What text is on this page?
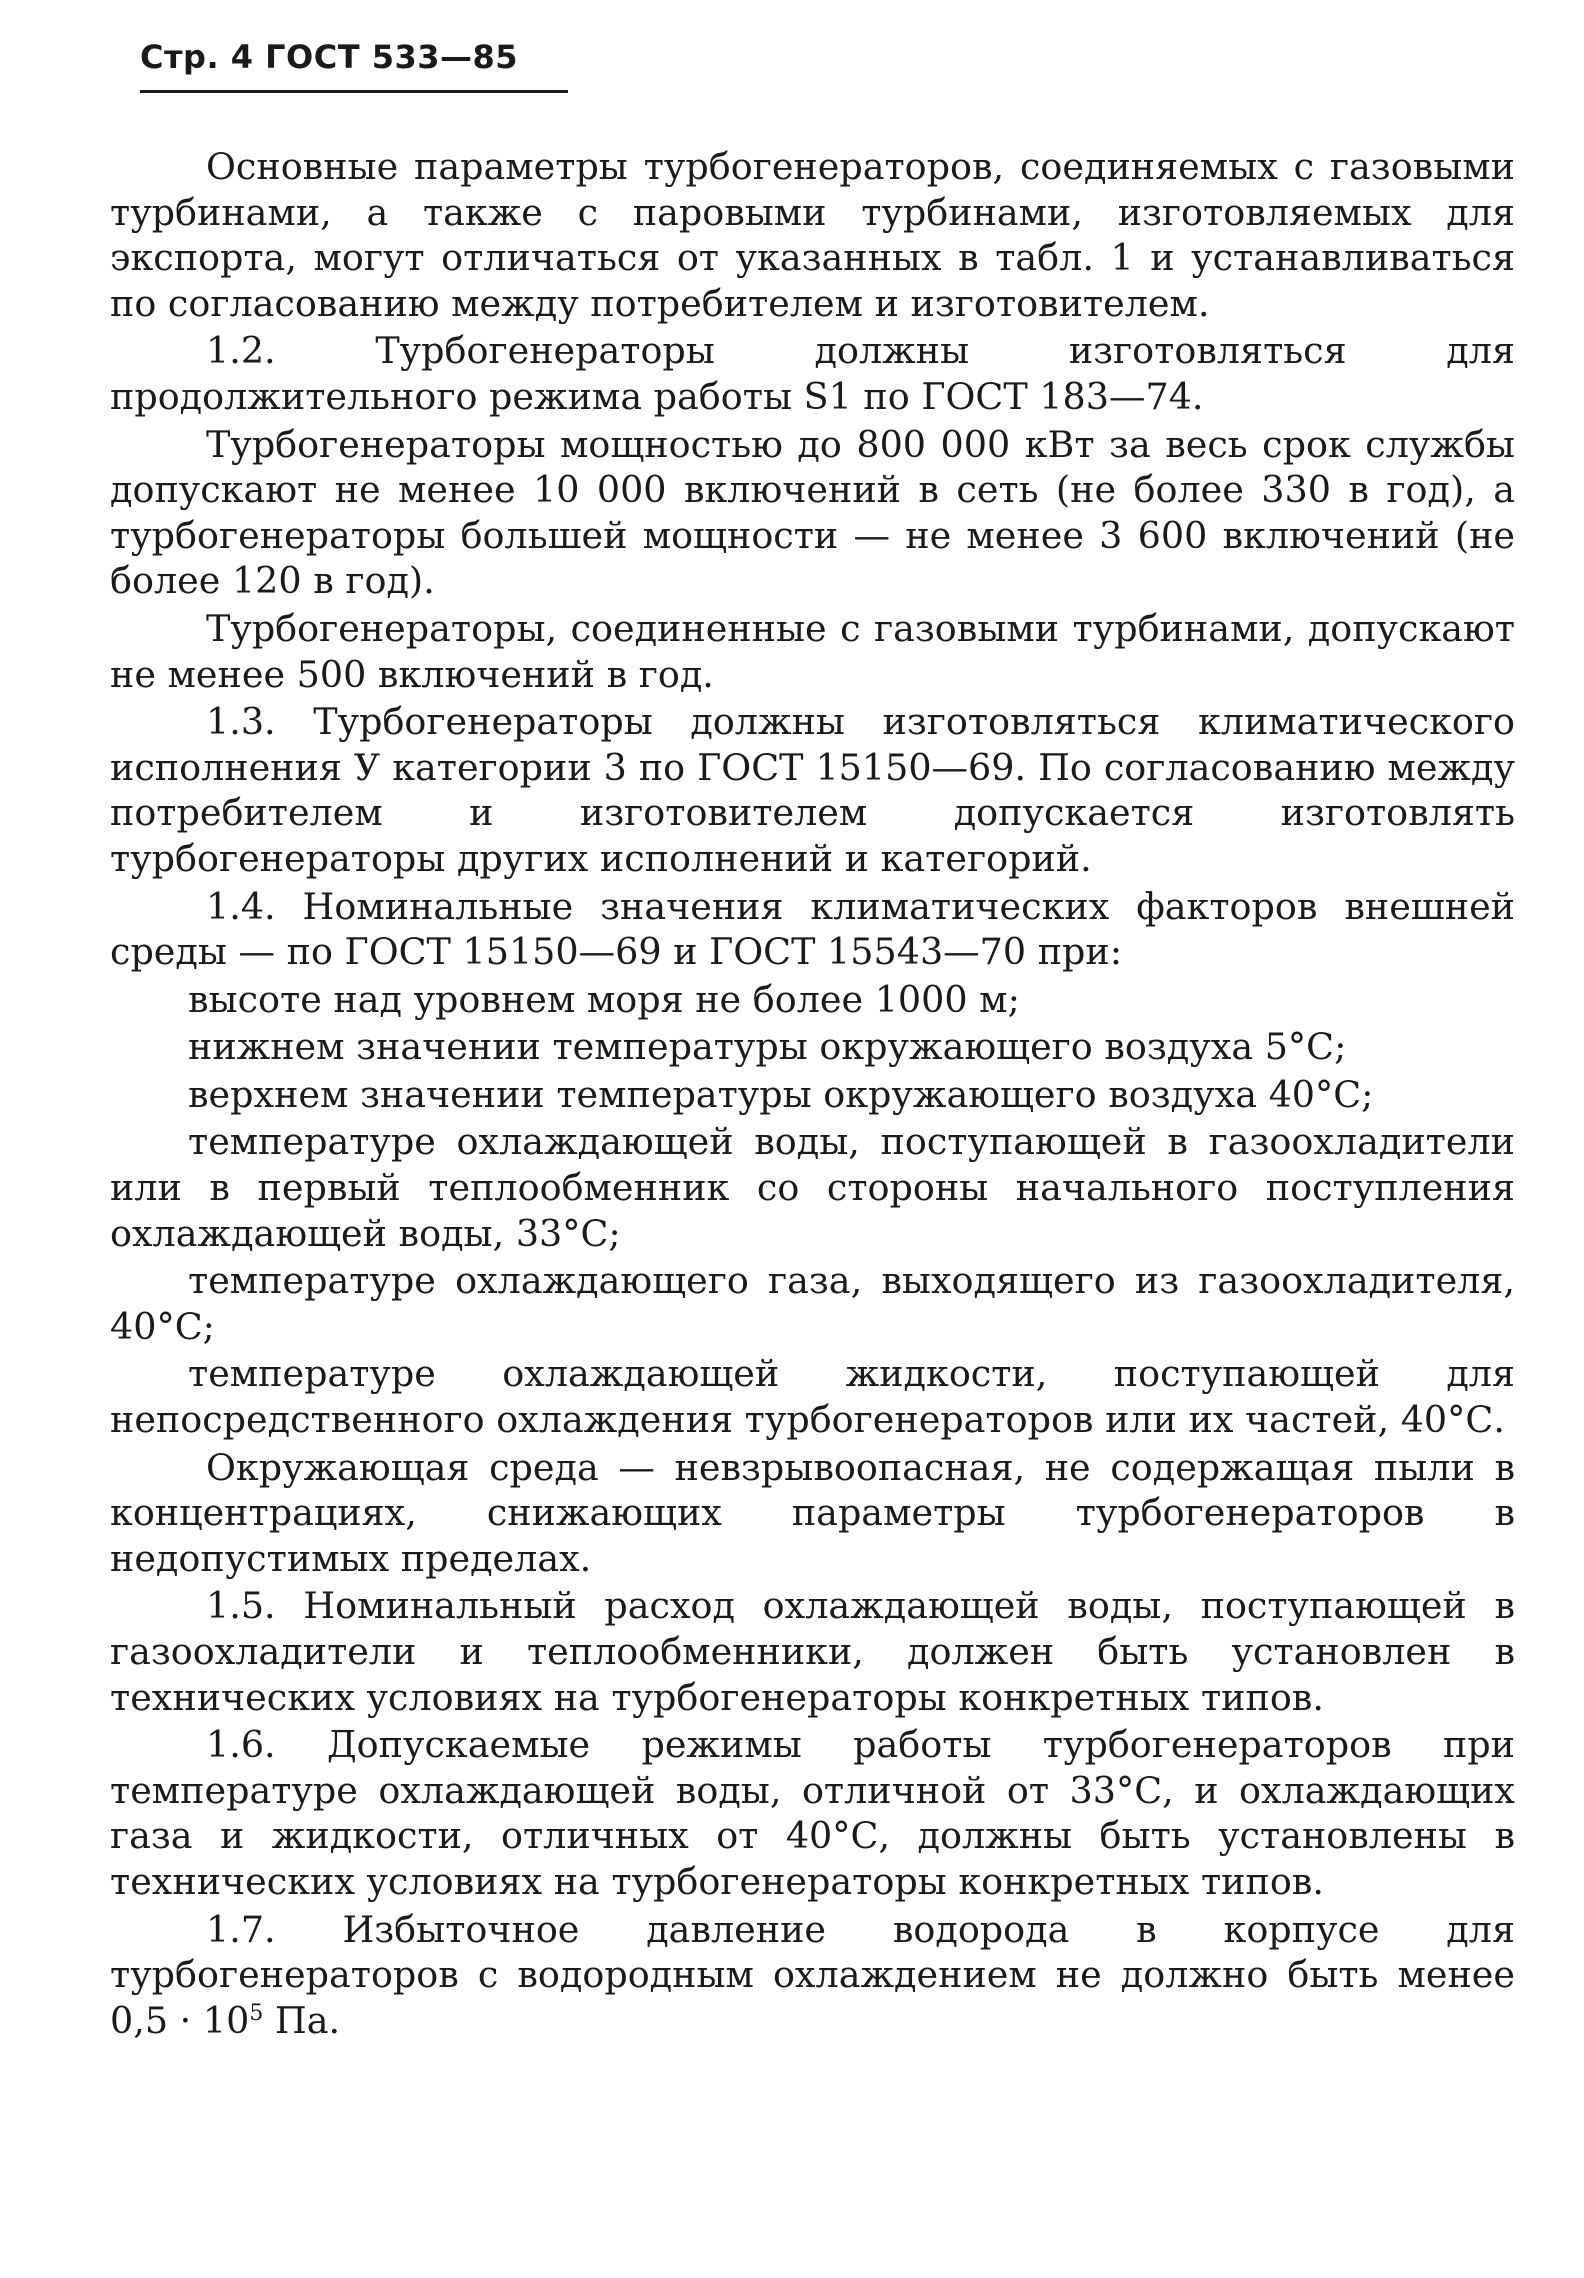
Стр. 4 ГОСТ 533—85

Основные параметры турбогенераторов, соединяемых с газовыми турбинами, а также с паровыми турбинами, изготовляемых для экспорта, могут отличаться от указанных в табл. 1 и устанавливаться по согласованию между потребителем и изготовителем.

1.2. Турбогенераторы должны изготовляться для продолжительного режима работы S1 по ГОСТ 183—74.

Турбогенераторы мощностью до 800 000 кВт за весь срок службы допускают не менее 10 000 включений в сеть (не более 330 в год), а турбогенераторы большей мощности — не менее 3 600 включений (не более 120 в год).

Турбогенераторы, соединенные с газовыми турбинами, допускают не менее 500 включений в год.

1.3. Турбогенераторы должны изготовляться климатического исполнения У категории 3 по ГОСТ 15150—69. По согласованию между потребителем и изготовителем допускается изготовлять турбогенераторы других исполнений и категорий.

1.4. Номинальные значения климатических факторов внешней среды — по ГОСТ 15150—69 и ГОСТ 15543—70 при:

высоте над уровнем моря не более 1000 м;

нижнем значении температуры окружающего воздуха 5°С;

верхнем значении температуры окружающего воздуха 40°С;

температуре охлаждающей воды, поступающей в газоохладители или в первый теплообменник со стороны начального поступления охлаждающей воды, 33°С;

температуре охлаждающего газа, выходящего из газоохладителя, 40°С;

температуре охлаждающей жидкости, поступающей для непосредственного охлаждения турбогенераторов или их частей, 40°С.

Окружающая среда — невзрывоопасная, не содержащая пыли в концентрациях, снижающих параметры турбогенераторов в недопустимых пределах.

1.5. Номинальный расход охлаждающей воды, поступающей в газоохладители и теплообменники, должен быть установлен в технических условиях на турбогенераторы конкретных типов.

1.6. Допускаемые режимы работы турбогенераторов при температуре охлаждающей воды, отличной от 33°С, и охлаждающих газа и жидкости, отличных от 40°С, должны быть установлены в технических условиях на турбогенераторы конкретных типов.

1.7. Избыточное давление водорода в корпусе для турбогенераторов с водородным охлаждением не должно быть менее $0,5 \cdot 10^5$ Па.
